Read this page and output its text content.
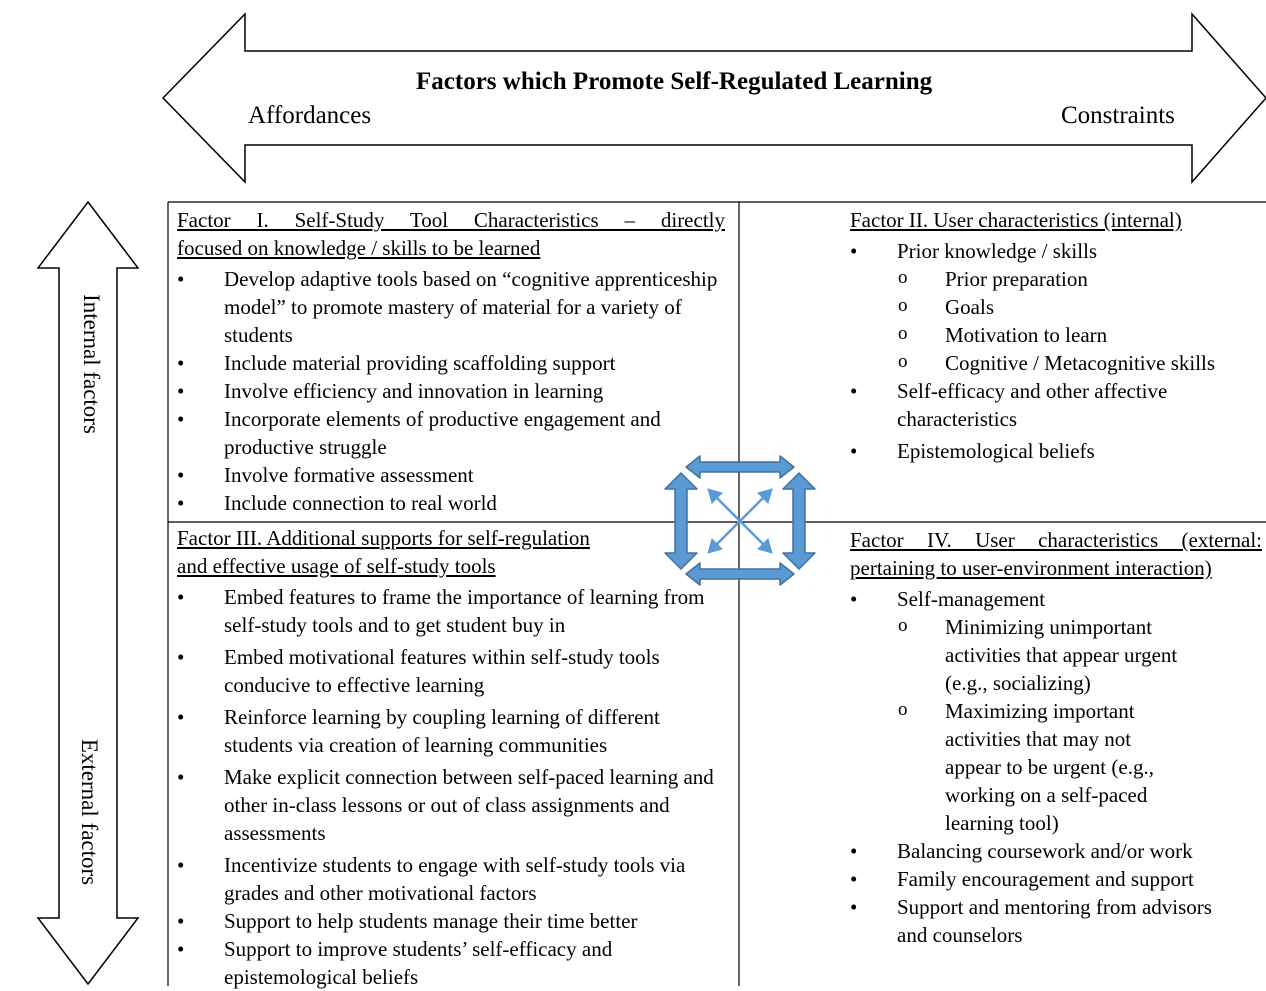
Factors which Promote Self-Regulated Learning
Affordances	Constraints
Internal factors
External factors
Factor I. Self-Study Tool Characteristics – directly
focused on knowledge / skills to be learned
• Develop adaptive tools based on “cognitive apprenticeship model” to promote mastery of material for a variety of students
• Include material providing scaffolding support
• Involve efficiency and innovation in learning
• Incorporate elements of productive engagement and productive struggle
• Involve formative assessment
• Include connection to real world
Factor II. User characteristics (internal)
• Prior knowledge / skills
o Prior preparation
o Goals
o Motivation to learn
o Cognitive / Metacognitive skills
• Self-efficacy and other affective characteristics
• Epistemological beliefs
Factor III. Additional supports for self-regulation
and effective usage of self-study tools
• Embed features to frame the importance of learning from self-study tools and to get student buy in
• Embed motivational features within self-study tools conducive to effective learning
• Reinforce learning by coupling learning of different students via creation of learning communities
• Make explicit connection between self-paced learning and other in-class lessons or out of class assignments and assessments
• Incentivize students to engage with self-study tools via grades and other motivational factors
• Support to help students manage their time better
• Support to improve students’ self-efficacy and epistemological beliefs
Factor IV. User characteristics (external:
pertaining to user-environment interaction)
• Self-management
o Minimizing unimportant activities that appear urgent (e.g., socializing)
o Maximizing important activities that may not appear to be urgent (e.g., working on a self-paced learning tool)
• Balancing coursework and/or work
• Family encouragement and support
• Support and mentoring from advisors and counselors
